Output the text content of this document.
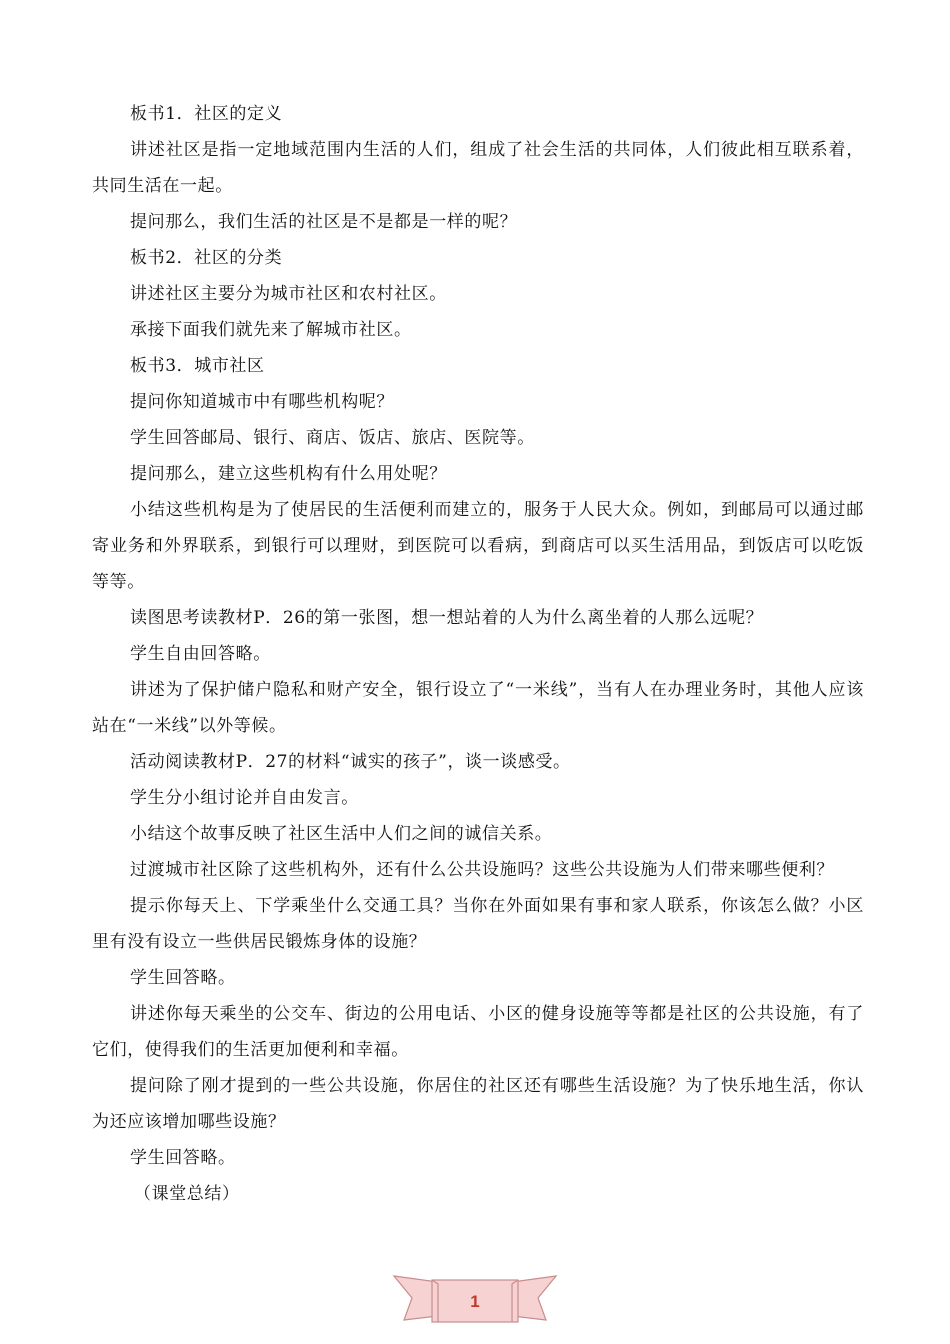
板书1．社区的定义

讲述社区是指一定地域范围内生活的人们，组成了社会生活的共同体，人们彼此相互联系着，共同生活在一起。

提问那么，我们生活的社区是不是都是一样的呢？

板书2．社区的分类

讲述社区主要分为城市社区和农村社区。

承接下面我们就先来了解城市社区。

板书3．城市社区

提问你知道城市中有哪些机构呢？

学生回答邮局、银行、商店、饭店、旅店、医院等。

提问那么，建立这些机构有什么用处呢？

小结这些机构是为了使居民的生活便利而建立的，服务于人民大众。例如，到邮局可以通过邮寄业务和外界联系，到银行可以理财，到医院可以看病，到商店可以买生活用品，到饭店可以吃饭等等。

读图思考读教材P．26的第一张图，想一想站着的人为什么离坐着的人那么远呢？

学生自由回答略。

讲述为了保护储户隐私和财产安全，银行设立了“一米线”，当有人在办理业务时，其他人应该站在“一米线”以外等候。

活动阅读教材P．27的材料“诚实的孩子”，谈一谈感受。

学生分小组讨论并自由发言。

小结这个故事反映了社区生活中人们之间的诚信关系。

过渡城市社区除了这些机构外，还有什么公共设施吗？这些公共设施为人们带来哪些便利？

提示你每天上、下学乘坐什么交通工具？当你在外面如果有事和家人联系，你该怎么做？小区里有没有设立一些供居民锻炼身体的设施？

学生回答略。

讲述你每天乘坐的公交车、街边的公用电话、小区的健身设施等等都是社区的公共设施，有了它们，使得我们的生活更加便利和幸福。

提问除了刚才提到的一些公共设施，你居住的社区还有哪些生活设施？为了快乐地生活，你认为还应该增加哪些设施？

学生回答略。

（课堂总结）

1
